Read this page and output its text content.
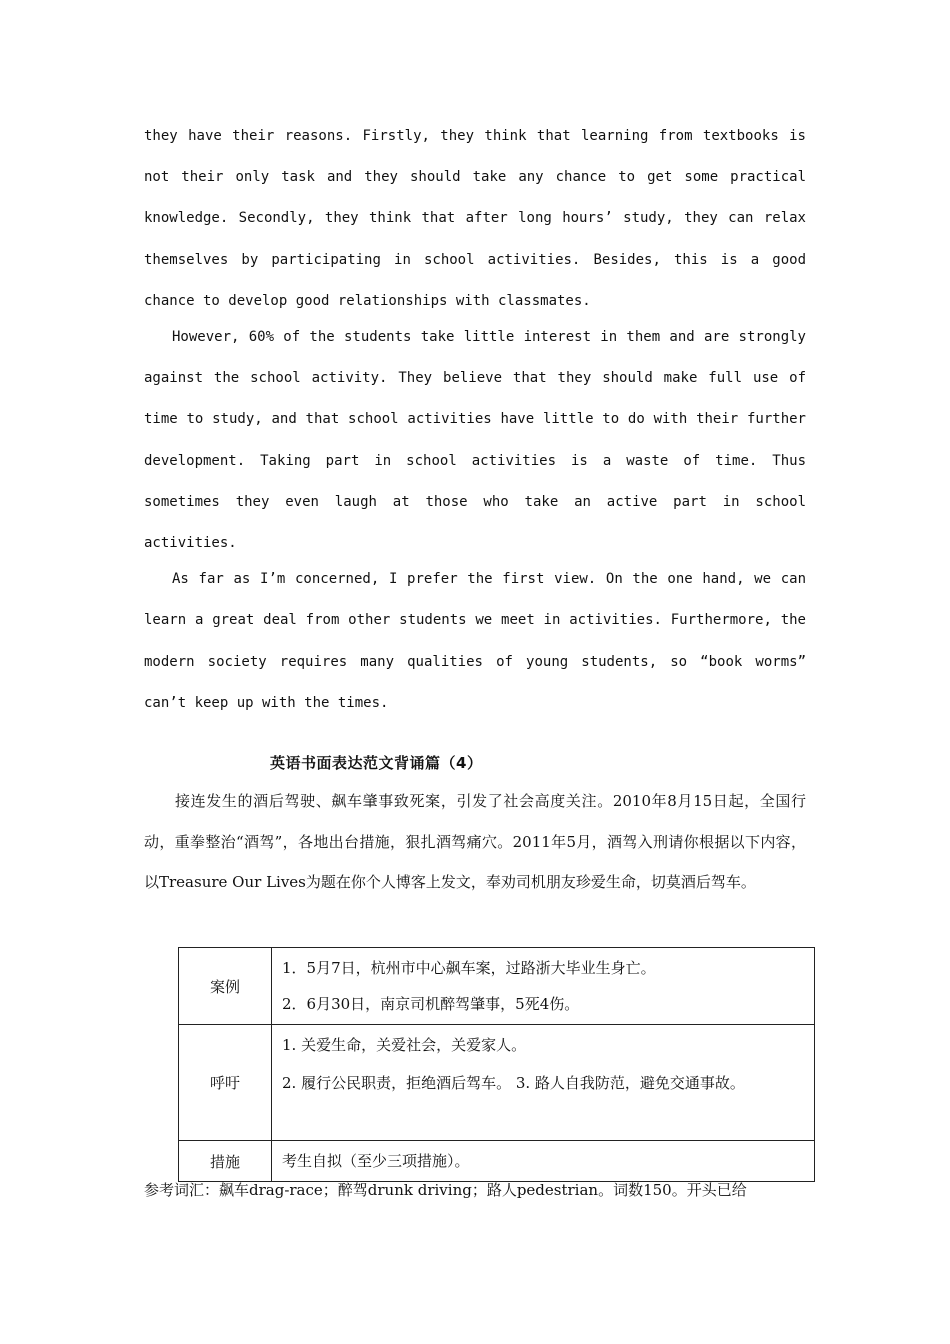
they have their reasons. Firstly, they think that learning from textbooks is not their only task and they should take any chance to get some practical knowledge. Secondly, they think that after long hours’ study, they can relax themselves by participating in school activities. Besides, this is a good chance to develop good relationships with classmates.

However, 60% of the students take little interest in them and are strongly against the school activity. They believe that they should make full use of time to study, and that school activities have little to do with their further development. Taking part in school activities is a waste of time. Thus sometimes they even laugh at those who take an active part in school activities.

As far as I’m concerned, I prefer the first view. On the one hand, we can learn a great deal from other students we meet in activities. Furthermore, the modern society requires many qualities of young students, so “book worms” can’t keep up with the times.

英语书面表达范文背诵篇（4）

接连发生的酒后驾驶、飙车肇事致死案，引发了社会高度关注。2010年8月15日起，全国行动，重拳整治“酒驾”，各地出台措施，狠扎酒驾痛穴。2011年5月，酒驾入刑请你根据以下内容，以Treasure Our Lives为题在你个人博客上发文，奉劝司机朋友珍爱生命，切莫酒后驾车。

案例	1．5月7日，杭州市中心飙车案，过路浙大毕业生身亡。
2．6月30日，南京司机醉驾肇事，5死4伤。

呼吁	1. 关爱生命，关爱社会，关爱家人。
2. 履行公民职责，拒绝酒后驾车。 3. 路人自我防范，避免交通事故。

措施	考生自拟（至少三项措施）。

参考词汇：飙车drag-race；醉驾drunk driving；路人pedestrian。词数150。开头已给
